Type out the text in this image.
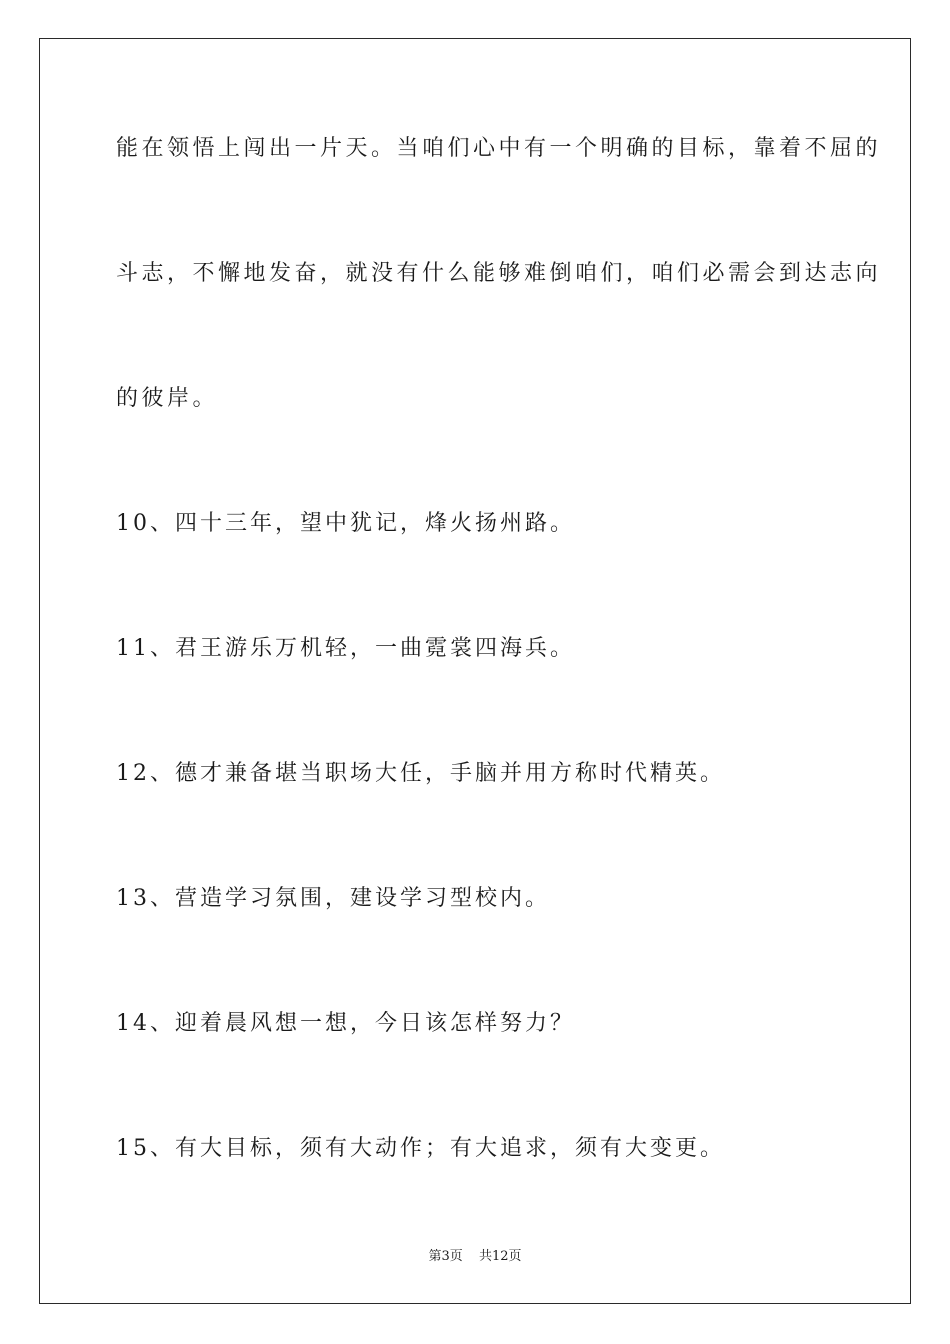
能在领悟上闯出一片天。当咱们心中有一个明确的目标，靠着不屈的
斗志，不懈地发奋，就没有什么能够难倒咱们，咱们必需会到达志向
的彼岸。
10、四十三年，望中犹记，烽火扬州路。
11、君王游乐万机轻，一曲霓裳四海兵。
12、德才兼备堪当职场大任，手脑并用方称时代精英。
13、营造学习氛围，建设学习型校内。
14、迎着晨风想一想，今日该怎样努力？
15、有大目标，须有大动作；有大追求，须有大变更。
第3页 共12页
